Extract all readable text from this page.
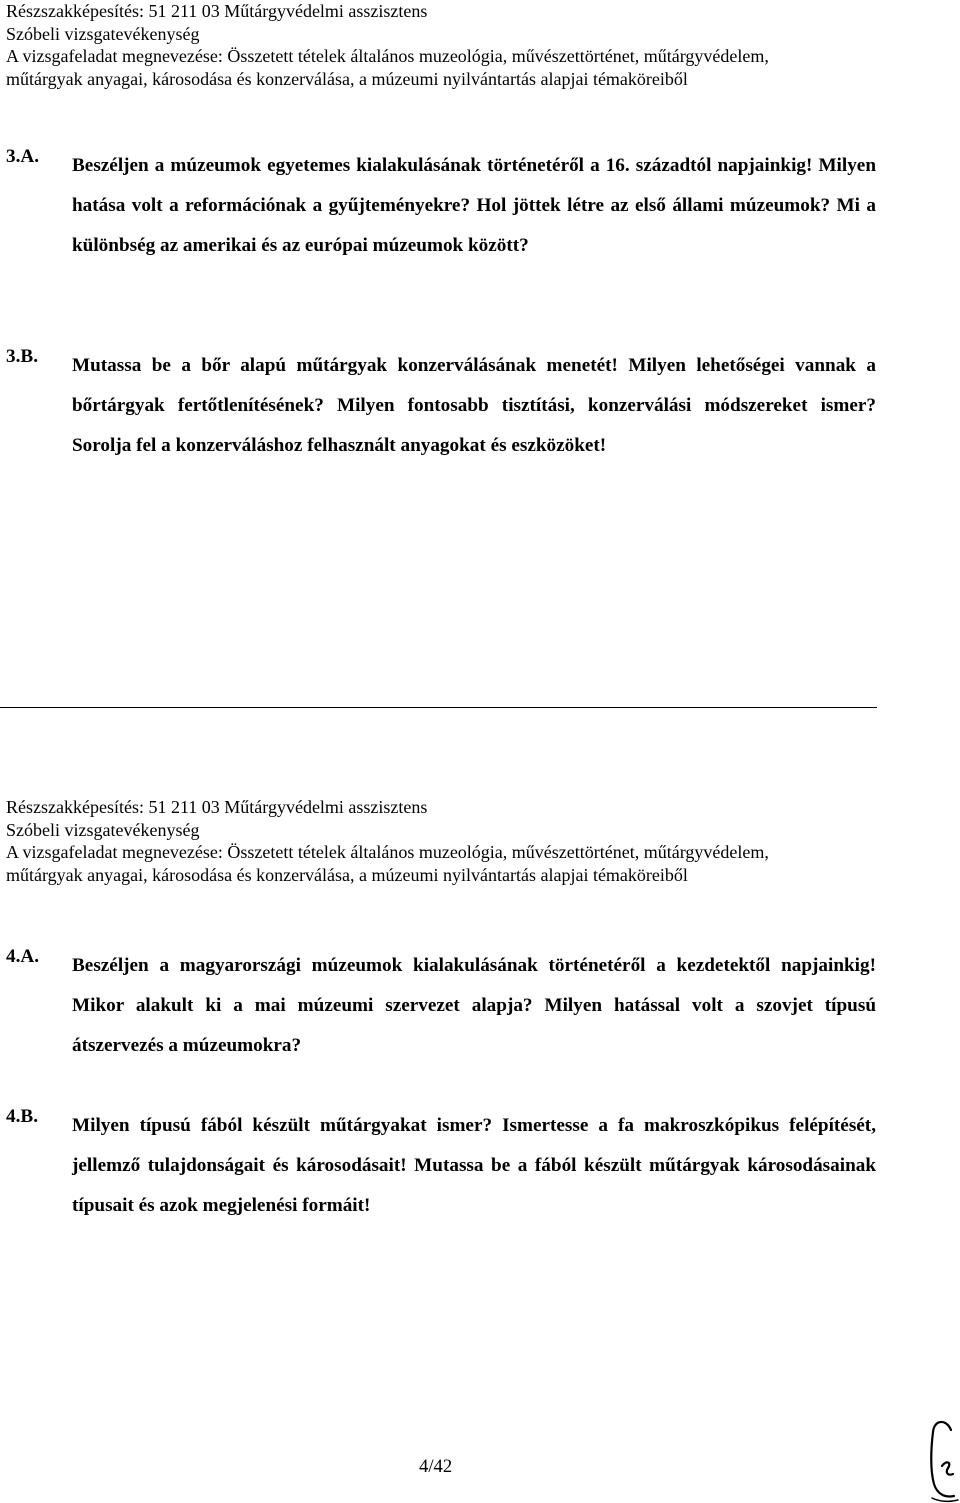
Részszakképesítés: 51 211 03 Műtárgyvédelmi asszisztens
Szóbeli vizsgatevékenység
A vizsgafeladat megnevezése: Összetett tételek általános muzeológia, művészettörténet, műtárgyvédelem,
műtárgyak anyagai, károsodása és konzerválása, a múzeumi nyilvántartás alapjai témaköreiből
3.A. Beszéljen a múzeumok egyetemes kialakulásának történetéről a 16. századtól napjainkig! Milyen hatása volt a reformációnak a gyűjteményekre? Hol jöttek létre az első állami múzeumok? Mi a különbség az amerikai és az európai múzeumok között?
3.B. Mutassa be a bőr alapú műtárgyak konzerválásának menetét! Milyen lehetőségei vannak a bőrtárgyak fertőtlenítésének? Milyen fontosabb tisztítási, konzerválási módszereket ismer? Sorolja fel a konzerváláshoz felhasznált anyagokat és eszközöket!
Részszakképesítés: 51 211 03 Műtárgyvédelmi asszisztens
Szóbeli vizsgatevékenység
A vizsgafeladat megnevezése: Összetett tételek általános muzeológia, művészettörténet, műtárgyvédelem,
műtárgyak anyagai, károsodása és konzerválása, a múzeumi nyilvántartás alapjai témaköreiből
4.A. Beszéljen a magyarországi múzeumok kialakulásának történetéről a kezdetektől napjainkig! Mikor alakult ki a mai múzeumi szervezet alapja? Milyen hatással volt a szovjet típusú átszervezés a múzeumokra?
4.B. Milyen típusú fából készült műtárgyakat ismer? Ismertesse a fa makroszkópikus felépítését, jellemző tulajdonságait és károsodásait! Mutassa be a fából készült műtárgyak károsodásainak típusait és azok megjelenési formáit!
4/42
